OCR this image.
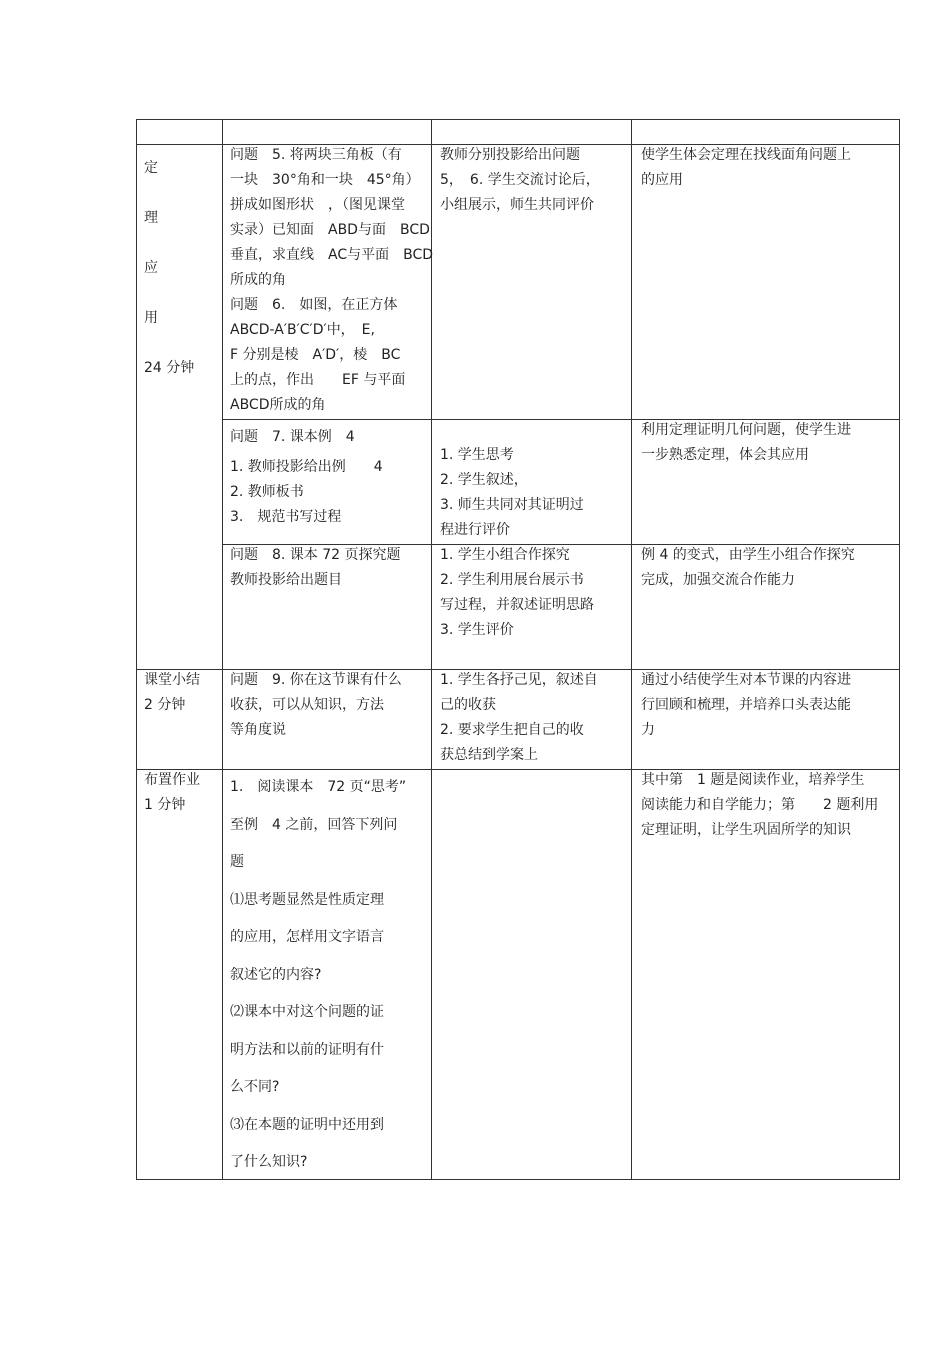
定
理
应
用
24 分钟
问题　5. 将两块三角板（有
一块　30°角和一块　45°角）
拼成如图形状　，（图见课堂
实录）已知面　ABD与面　BCD
垂直，求直线　AC与平面　BCD
所成的角
问题　6.　如图，在正方体
ABCD-A′B′C′D′中，　E,
F 分别是棱　A′D′，棱　BC
上的点，作出　　EF 与平面
ABCD所成的角
教师分别投影给出问题
5，　6. 学生交流讨论后，
小组展示，师生共同评价
使学生体会定理在找线面角问题上
的应用
问题　7. 课本例　4
1. 教师投影给出例　　4
2. 教师板书
3.　规范书写过程
1. 学生思考
2. 学生叙述，
3. 师生共同对其证明过
程进行评价
利用定理证明几何问题，使学生进
一步熟悉定理，体会其应用
问题　8. 课本 72 页探究题
教师投影给出题目
1. 学生小组合作探究
2. 学生利用展台展示书
写过程，并叙述证明思路
3. 学生评价
例 4 的变式，由学生小组合作探究
完成，加强交流合作能力
课堂小结
2 分钟
问题　9. 你在这节课有什么
收获，可以从知识，方法
等角度说
1. 学生各抒己见，叙述自
己的收获
2. 要求学生把自己的收
获总结到学案上
通过小结使学生对本节课的内容进
行回顾和梳理，并培养口头表达能
力
布置作业
1 分钟
1.　阅读课本　72 页“思考”
至例　4 之前，回答下列问
题
⑴思考题显然是性质定理
的应用，怎样用文字语言
叙述它的内容?
⑵课本中对这个问题的证
明方法和以前的证明有什
么不同?
⑶在本题的证明中还用到
了什么知识?
其中第　1 题是阅读作业，培养学生
阅读能力和自学能力；第　　2 题利用
定理证明，让学生巩固所学的知识
